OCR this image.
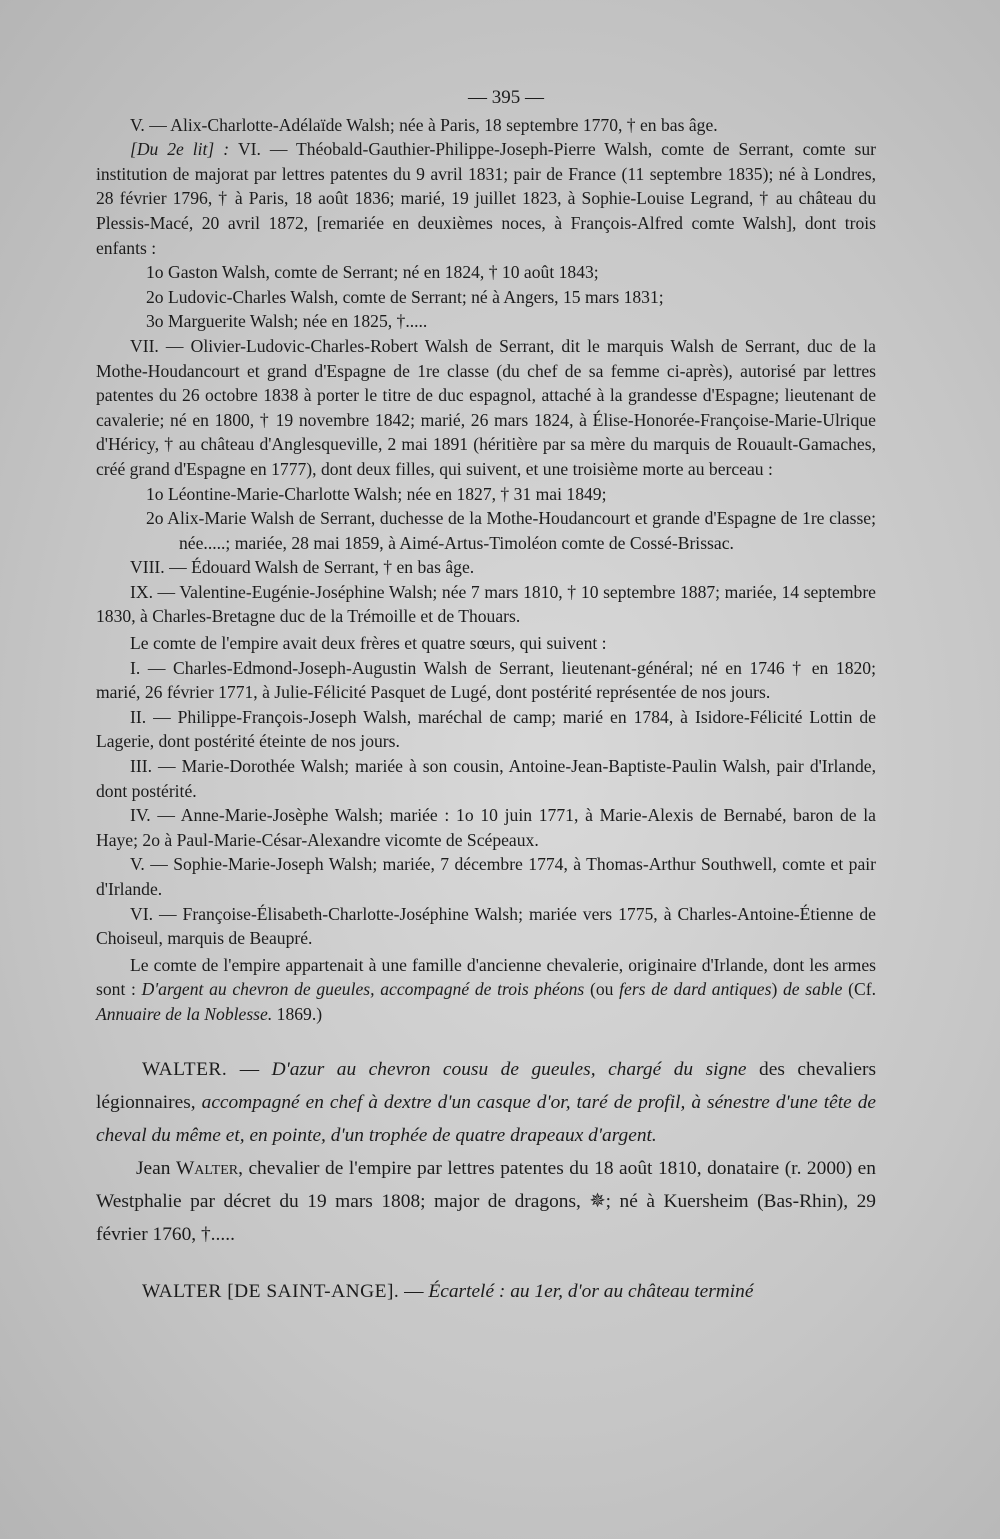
— 395 —

V. — Alix-Charlotte-Adélaïde Walsh; née à Paris, 18 septembre 1770, † en bas âge.

[Du 2e lit] : VI. — Théobald-Gauthier-Philippe-Joseph-Pierre Walsh, comte de Serrant, comte sur institution de majorat par lettres patentes du 9 avril 1831; pair de France (11 septembre 1835); né à Londres, 28 février 1796, † à Paris, 18 août 1836; marié, 19 juillet 1823, à Sophie-Louise Legrand, † au château du Plessis-Macé, 20 avril 1872, [remariée en deuxièmes noces, à François-Alfred comte Walsh], dont trois enfants :

1o Gaston Walsh, comte de Serrant; né en 1824, † 10 août 1843;

2o Ludovic-Charles Walsh, comte de Serrant; né à Angers, 15 mars 1831;

3o Marguerite Walsh; née en 1825, †.....

VII. — Olivier-Ludovic-Charles-Robert Walsh de Serrant, dit le marquis Walsh de Serrant, duc de la Mothe-Houdancourt et grand d'Espagne de 1re classe (du chef de sa femme ci-après), autorisé par lettres patentes du 26 octobre 1838 à porter le titre de duc espagnol, attaché à la grandesse d'Espagne; lieutenant de cavalerie; né en 1800, † 19 novembre 1842; marié, 26 mars 1824, à Élise-Honorée-Françoise-Marie-Ulrique d'Héricy, † au château d'Anglesqueville, 2 mai 1891 (héritière par sa mère du marquis de Rouault-Gamaches, créé grand d'Espagne en 1777), dont deux filles, qui suivent, et une troisième morte au berceau :

1o Léontine-Marie-Charlotte Walsh; née en 1827, † 31 mai 1849;

2o Alix-Marie Walsh de Serrant, duchesse de la Mothe-Houdancourt et grande d'Espagne de 1re classe; née.....; mariée, 28 mai 1859, à Aimé-Artus-Timoléon comte de Cossé-Brissac.

VIII. — Édouard Walsh de Serrant, † en bas âge.

IX. — Valentine-Eugénie-Joséphine Walsh; née 7 mars 1810, † 10 septembre 1887; mariée, 14 septembre 1830, à Charles-Bretagne duc de la Trémoille et de Thouars.

Le comte de l'empire avait deux frères et quatre sœurs, qui suivent :

I. — Charles-Edmond-Joseph-Augustin Walsh de Serrant, lieutenant-général; né en 1746 † en 1820; marié, 26 février 1771, à Julie-Félicité Pasquet de Lugé, dont postérité représentée de nos jours.

II. — Philippe-François-Joseph Walsh, maréchal de camp; marié en 1784, à Isidore-Félicité Lottin de Lagerie, dont postérité éteinte de nos jours.

III. — Marie-Dorothée Walsh; mariée à son cousin, Antoine-Jean-Baptiste-Paulin Walsh, pair d'Irlande, dont postérité.

IV. — Anne-Marie-Josèphe Walsh; mariée : 1o 10 juin 1771, à Marie-Alexis de Bernabé, baron de la Haye; 2o à Paul-Marie-César-Alexandre vicomte de Scépeaux.

V. — Sophie-Marie-Joseph Walsh; mariée, 7 décembre 1774, à Thomas-Arthur Southwell, comte et pair d'Irlande.

VI. — Françoise-Élisabeth-Charlotte-Joséphine Walsh; mariée vers 1775, à Charles-Antoine-Étienne de Choiseul, marquis de Beaupré.

Le comte de l'empire appartenait à une famille d'ancienne chevalerie, originaire d'Irlande, dont les armes sont : D'argent au chevron de gueules, accompagné de trois phéons (ou fers de dard antiques) de sable (Cf. Annuaire de la Noblesse. 1869.)

WALTER. — D'azur au chevron cousu de gueules, chargé du signe des chevaliers légionnaires, accompagné en chef à dextre d'un casque d'or, taré de profil, à sénestre d'une tête de cheval du même et, en pointe, d'un trophée de quatre drapeaux d'argent.

Jean Walter, chevalier de l'empire par lettres patentes du 18 août 1810, donataire (r. 2000) en Westphalie par décret du 19 mars 1808; major de dragons, ✵; né à Kuersheim (Bas-Rhin), 29 février 1760, †.....

WALTER [DE SAINT-ANGE]. — Écartelé : au 1er, d'or au château terminé
